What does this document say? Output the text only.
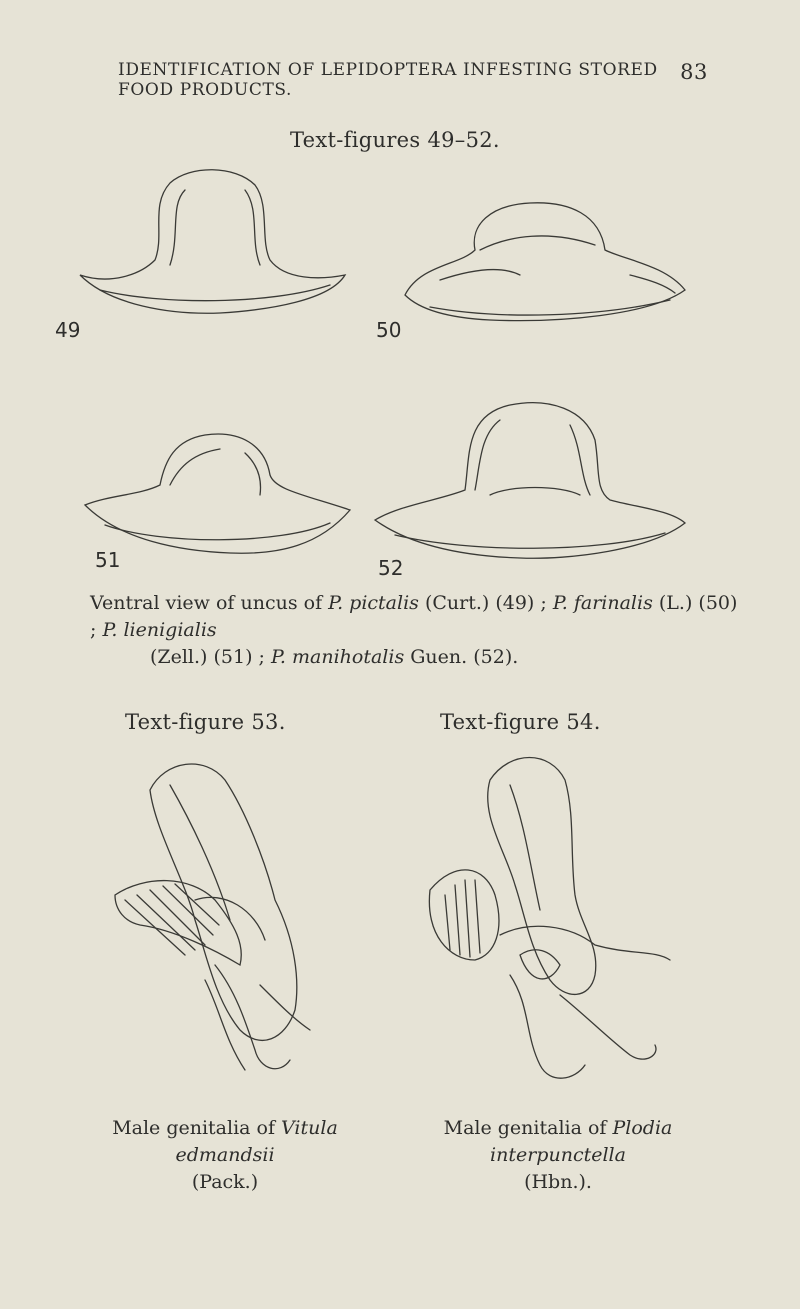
IDENTIFICATION OF LEPIDOPTERA INFESTING STORED FOOD PRODUCTS.
83
Text-figures 49–52.
49	50
51	52
Ventral view of uncus of P. pictalis (Curt.) (49) ; P. farinalis (L.) (50) ; P. lienigialis
(Zell.) (51) ; P. manihotalis Guen. (52).
Text-figure 53.
Male genitalia of Vitula edmandsii
(Pack.)
Text-figure 54.
Male genitalia of Plodia interpunctella
(Hbn.).
